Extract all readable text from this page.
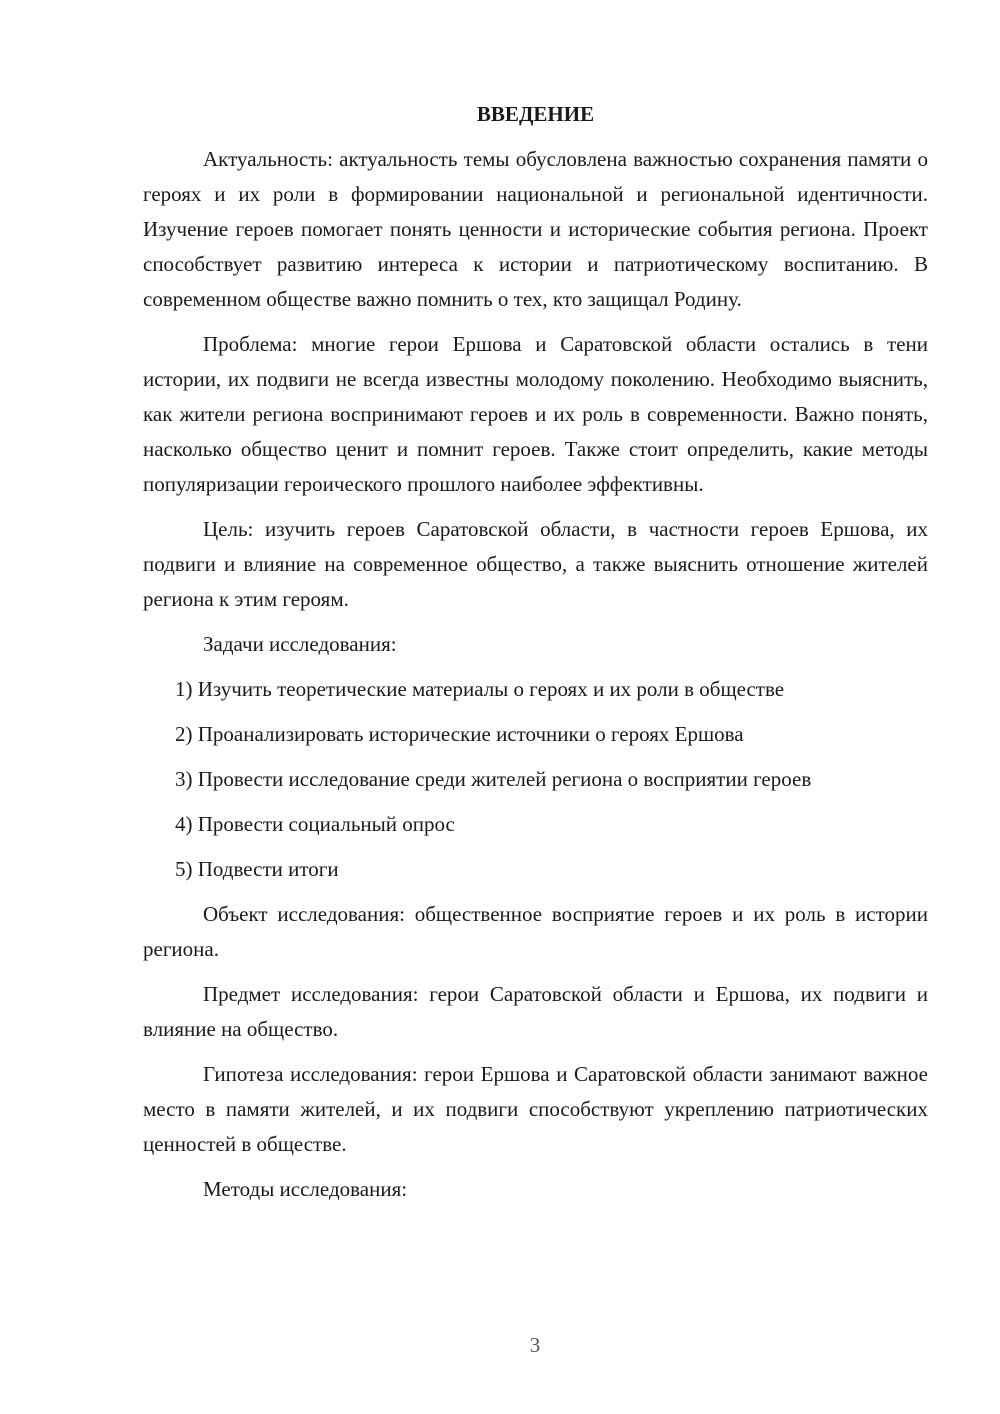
ВВЕДЕНИЕ

Актуальность: актуальность темы обусловлена важностью сохранения памяти о героях и их роли в формировании национальной и региональной идентичности. Изучение героев помогает понять ценности и исторические события региона. Проект способствует развитию интереса к истории и патриотическому воспитанию. В современном обществе важно помнить о тех, кто защищал Родину.

Проблема: многие герои Ершова и Саратовской области остались в тени истории, их подвиги не всегда известны молодому поколению. Необходимо выяснить, как жители региона воспринимают героев и их роль в современности. Важно понять, насколько общество ценит и помнит героев. Также стоит определить, какие методы популяризации героического прошлого наиболее эффективны.

Цель: изучить героев Саратовской области, в частности героев Ершова, их подвиги и влияние на современное общество, а также выяснить отношение жителей региона к этим героям.

Задачи исследования:

1) Изучить теоретические материалы о героях и их роли в обществе
2) Проанализировать исторические источники о героях Ершова
3) Провести исследование среди жителей региона о восприятии героев
4) Провести социальный опрос
5) Подвести итоги

Объект исследования: общественное восприятие героев и их роль в истории региона.

Предмет исследования: герои Саратовской области и Ершова, их подвиги и влияние на общество.

Гипотеза исследования: герои Ершова и Саратовской области занимают важное место в памяти жителей, и их подвиги способствуют укреплению патриотических ценностей в обществе.

Методы исследования:

3
